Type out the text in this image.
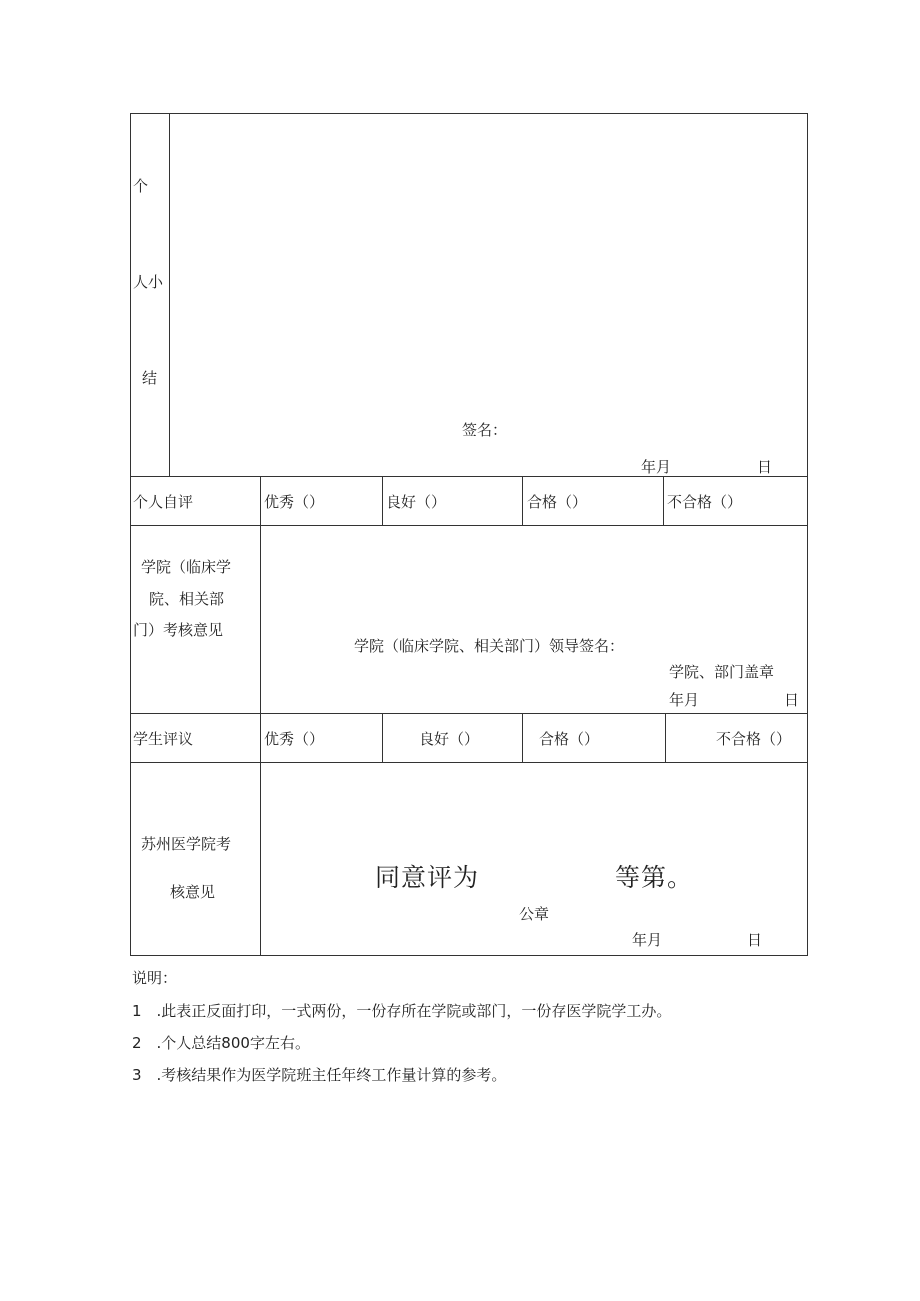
个
人小
结
签名：
年月	日
个人自评	优秀（）	良好（）	合格（）	不合格（）
学院（临床学
院、相关部
门）考核意见
学院（临床学院、相关部门）领导签名：
学院、部门盖章
年月	日
学生评议	优秀（）	良好（）	合格（）	不合格（）
苏州医学院考
核意见	同意评为	等第。
公章
年月	日
说明：
1　.此表正反面打印，一式两份，一份存所在学院或部门，一份存医学院学工办。
2　.个人总结800字左右。
3　.考核结果作为医学院班主任年终工作量计算的参考。
